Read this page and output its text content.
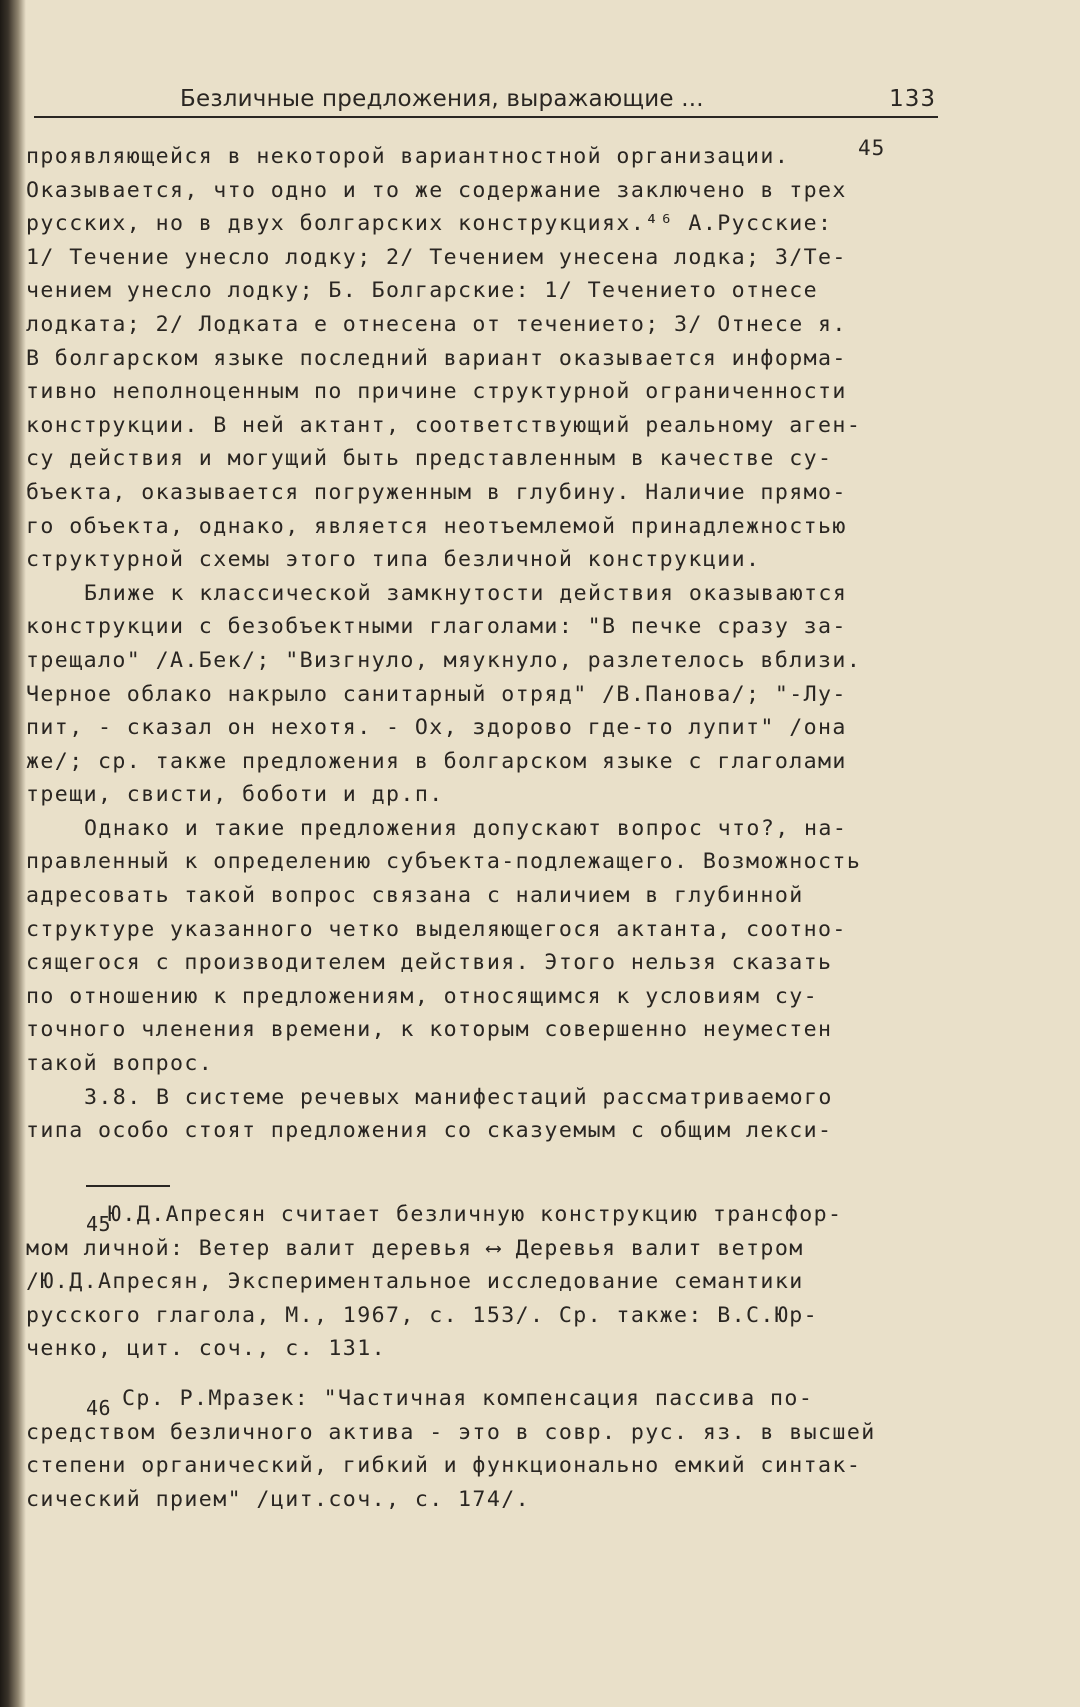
Безличные предложения, выражающие ...	133
45
проявляющейся в некоторой вариантностной организации.
Оказывается, что одно и то же содержание заключено в трех
русских, но в двух болгарских конструкциях.⁴⁶ А.Русские:
1/ Течение унесло лодку; 2/ Течением унесена лодка; 3/Те-
чением унесло лодку; Б. Болгарские: 1/ Течението отнесе
лодката; 2/ Лодката е отнесена от течението; 3/ Отнесе я.
В болгарском языке последний вариант оказывается информа-
тивно неполноценным по причине структурной ограниченности
конструкции. В ней актант, соответствующий реальному аген-
су действия и могущий быть представленным в качестве су-
бъекта, оказывается погруженным в глубину. Наличие прямо-
го объекта, однако, является неотъемлемой принадлежностью
структурной схемы этого типа безличной конструкции.
Ближе к классической замкнутости действия оказываются
конструкции с безобъектными глаголами: "В печке сразу за-
трещало" /А.Бек/; "Визгнуло, мяукнуло, разлетелось вблизи.
Черное облако накрыло санитарный отряд" /В.Панова/; "-Лу-
пит, - сказал он нехотя. - Ох, здорово где-то лупит" /она
же/; ср. также предложения в болгарском языке с глаголами
трещи, свисти, боботи и др.п.
Однако и такие предложения допускают вопрос что?, на-
правленный к определению субъекта-подлежащего. Возможность
адресовать такой вопрос связана с наличием в глубинной
структуре указанного четко выделяющегося актанта, соотно-
сящегося с производителем действия. Этого нельзя сказать
по отношению к предложениям, относящимся к условиям су-
точного членения времени, к которым совершенно неуместен
такой вопрос.
3.8. В системе речевых манифестаций рассматриваемого
типа особо стоят предложения со сказуемым с общим лекси-
45
Ю.Д.Апресян считает безличную конструкцию трансфор-
мом личной: Ветер валит деревья ⟷ Деревья валит ветром
/Ю.Д.Апресян, Экспериментальное исследование семантики
русского глагола, М., 1967, с. 153/. Ср. также: В.С.Юр-
ченко, цит. соч., с. 131.
46 Ср. Р.Мразек: "Частичная компенсация пассива по-
средством безличного актива - это в совр. рус. яз. в высшей
степени органический, гибкий и функционально емкий синтак-
сический прием" /цит.соч., с. 174/.
